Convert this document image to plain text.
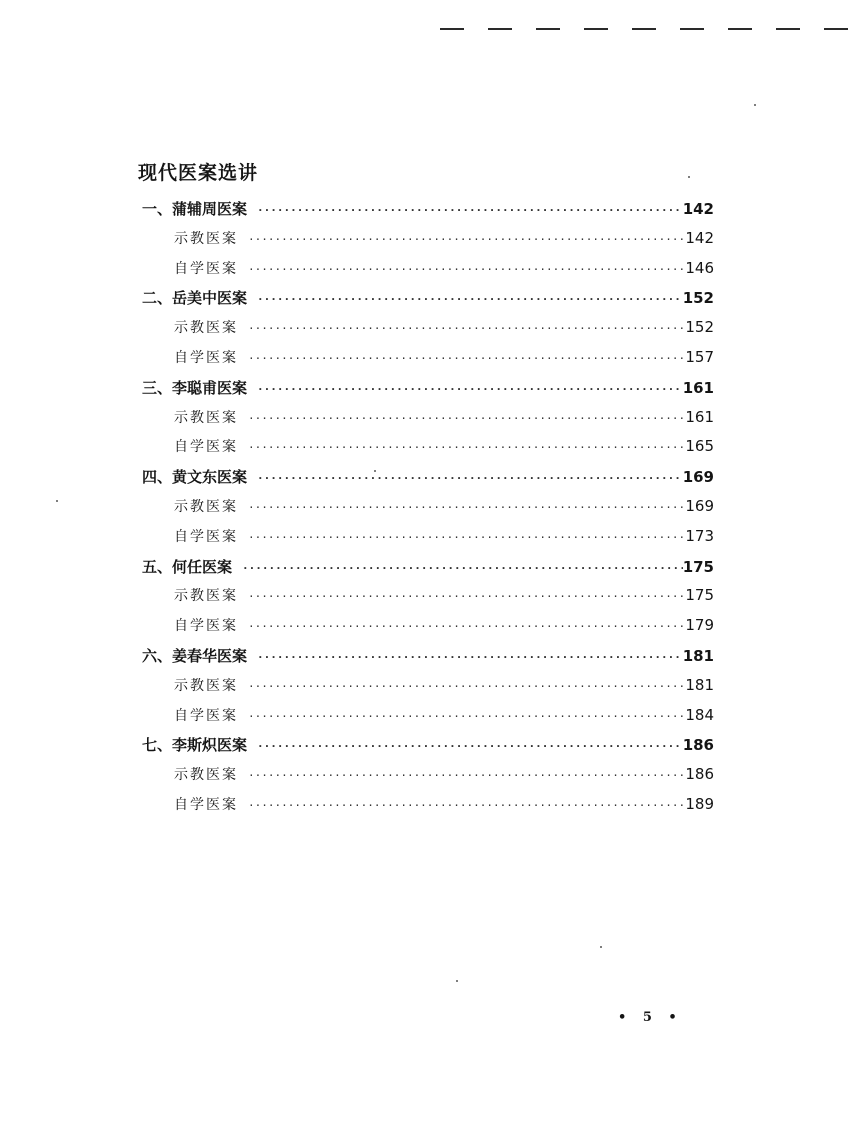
现代医案选讲
一、蒲辅周医案 ·····	142
示教医案 ·····	142
自学医案 ·····	146
二、岳美中医案 ·····	152
示教医案 ·····	152
自学医案 ·····	157
三、李聪甫医案 ·····	161
示教医案 ·····	161
自学医案 ·····	165
四、黄文东医案 ·····	169
示教医案 ·····	169
自学医案 ·····	173
五、何任医案 ·····	175
示教医案 ·····	175
自学医案 ·····	179
六、姜春华医案 ·····	181
示教医案 ·····	181
自学医案 ·····	184
七、李斯炽医案 ·····	186
示教医案 ·····	186
自学医案 ·····	189
• 5 •
